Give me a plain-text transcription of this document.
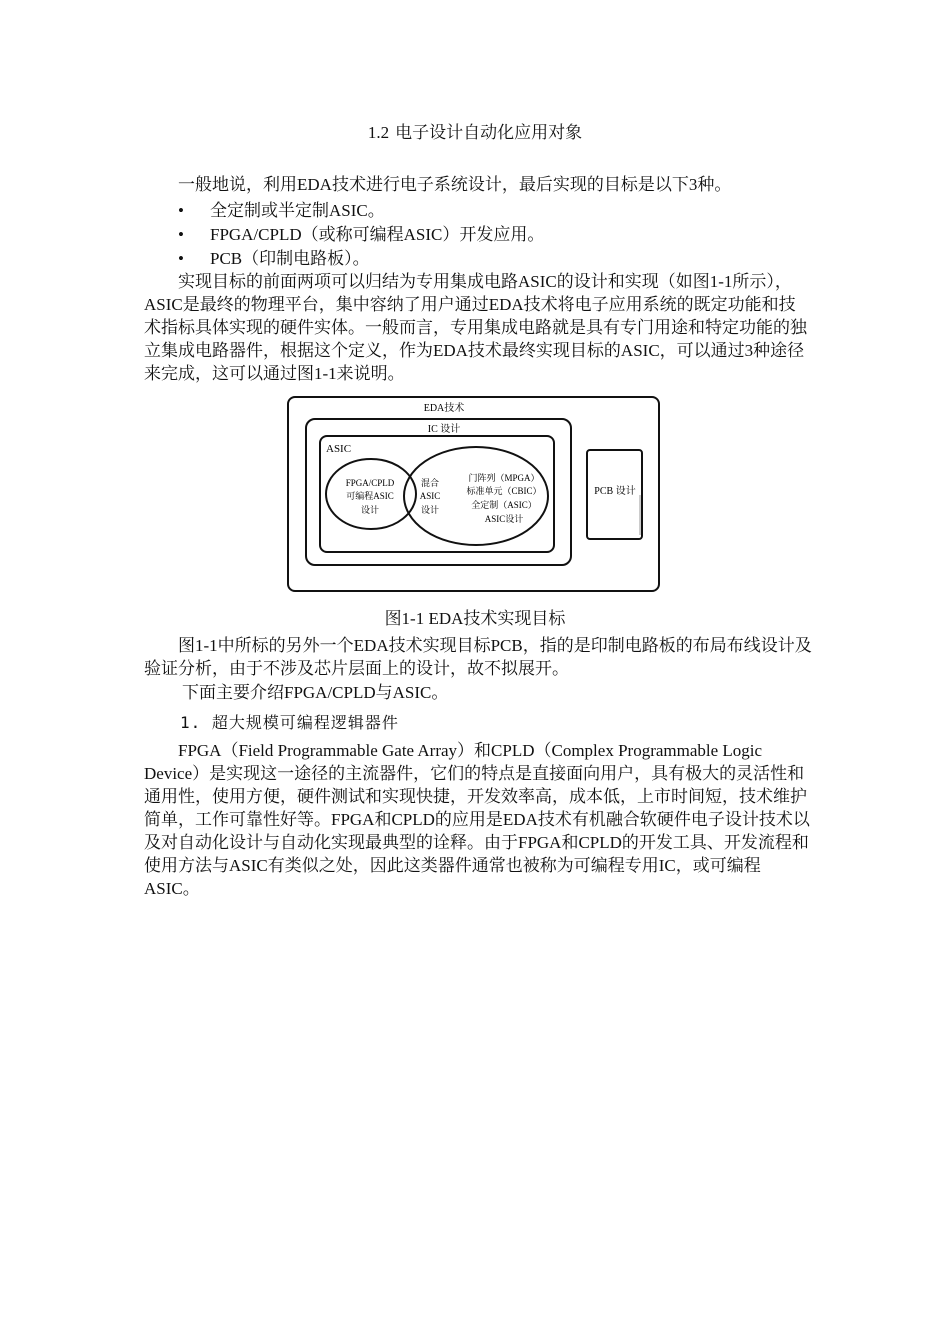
1.2 电子设计自动化应用对象

一般地说，利用EDA技术进行电子系统设计，最后实现的目标是以下3种。

• 全定制或半定制ASIC。
• FPGA/CPLD（或称可编程ASIC）开发应用。
• PCB（印制电路板）。

实现目标的前面两项可以归结为专用集成电路ASIC的设计和实现（如图1-1所示），ASIC是最终的物理平台，集中容纳了用户通过EDA技术将电子应用系统的既定功能和技术指标具体实现的硬件实体。一般而言，专用集成电路就是具有专门用途和特定功能的独立集成电路器件，根据这个定义，作为EDA技术最终实现目标的ASIC，可以通过3种途径来完成，这可以通过图1-1来说明。

EDA技术
IC 设计
ASIC
FPGA/CPLD
可编程ASIC
设计
混合
ASIC
设计
门阵列（MPGA）
标准单元（CBIC）
全定制（ASIC）
ASIC设计
PCB 设计
图1-1 EDA技术实现目标

图1-1中所标的另外一个EDA技术实现目标PCB，指的是印制电路板的布局布线设计及验证分析，由于不涉及芯片层面上的设计，故不拟展开。

下面主要介绍FPGA/CPLD与ASIC。

1. 超大规模可编程逻辑器件

FPGA（Field Programmable Gate Array）和CPLD（Complex Programmable Logic Device）是实现这一途径的主流器件，它们的特点是直接面向用户，具有极大的灵活性和通用性，使用方便，硬件测试和实现快捷，开发效率高，成本低，上市时间短，技术维护简单，工作可靠性好等。FPGA和CPLD的应用是EDA技术有机融合软硬件电子设计技术以及对自动化设计与自动化实现最典型的诠释。由于FPGA和CPLD的开发工具、开发流程和使用方法与ASIC有类似之处，因此这类器件通常也被称为可编程专用IC，或可编程ASIC。
